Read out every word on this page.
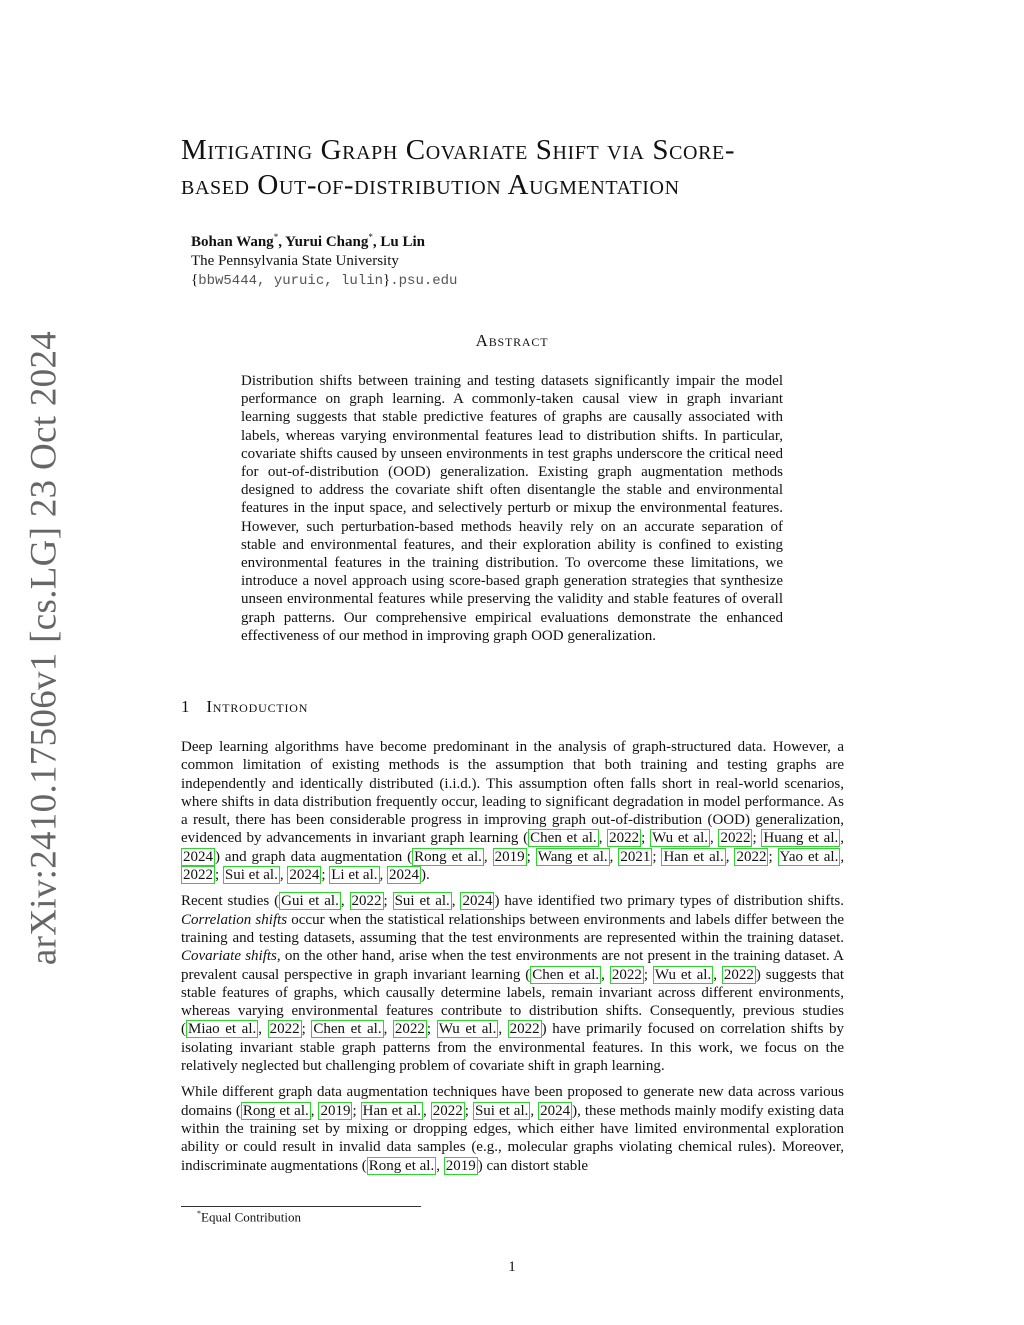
arXiv:2410.17506v1 [cs.LG] 23 Oct 2024
Mitigating Graph Covariate Shift via Score-
based Out-of-distribution Augmentation
Bohan Wang*, Yurui Chang*, Lu Lin
The Pennsylvania State University
{bbw5444, yuruic, lulin}.psu.edu
Abstract

Distribution shifts between training and testing datasets significantly impair the model performance on graph learning. A commonly-taken causal view in graph invariant learning suggests that stable predictive features of graphs are causally associated with labels, whereas varying environmental features lead to distribution shifts. In particular, covariate shifts caused by unseen environments in test graphs underscore the critical need for out-of-distribution (OOD) generalization. Existing graph augmentation methods designed to address the covariate shift often disentangle the stable and environmental features in the input space, and selectively perturb or mixup the environmental features. However, such perturbation-based methods heavily rely on an accurate separation of stable and environmental features, and their exploration ability is confined to existing environmental features in the training distribution. To overcome these limitations, we introduce a novel approach using score-based graph generation strategies that synthesize unseen environmental features while preserving the validity and stable features of overall graph patterns. Our comprehensive empirical evaluations demonstrate the enhanced effectiveness of our method in improving graph OOD generalization.

1 Introduction

Deep learning algorithms have become predominant in the analysis of graph-structured data. However, a common limitation of existing methods is the assumption that both training and testing graphs are independently and identically distributed (i.i.d.). This assumption often falls short in real-world scenarios, where shifts in data distribution frequently occur, leading to significant degradation in model performance. As a result, there has been considerable progress in improving graph out-of-distribution (OOD) generalization, evidenced by advancements in invariant graph learning ( Chen et al. , 2022 ; Wu et al. , 2022 ; Huang et al. , 2024 ) and graph data augmentation ( Rong et al. , 2019 ; Wang et al. , 2021 ; Han et al. , 2022 ; Yao et al. , 2022 ; Sui et al. , 2024 ; Li et al. , 2024 ).

Recent studies ( Gui et al. , 2022 ; Sui et al. , 2024 ) have identified two primary types of distribution shifts. Correlation shifts occur when the statistical relationships between environments and labels differ between the training and testing datasets, assuming that the test environments are represented within the training dataset. Covariate shifts, on the other hand, arise when the test environments are not present in the training dataset. A prevalent causal perspective in graph invariant learning ( Chen et al. , 2022 ; Wu et al. , 2022 ) suggests that stable features of graphs, which causally determine labels, remain invariant across different environments, whereas varying environmental features contribute to distribution shifts. Consequently, previous studies ( Miao et al. , 2022 ; Chen et al. , 2022 ; Wu et al. , 2022 ) have primarily focused on correlation shifts by isolating invariant stable graph patterns from the environmental features. In this work, we focus on the relatively neglected but challenging problem of covariate shift in graph learning.

While different graph data augmentation techniques have been proposed to generate new data across various domains ( Rong et al. , 2019 ; Han et al. , 2022 ; Sui et al. , 2024 ), these methods mainly modify existing data within the training set by mixing or dropping edges, which either have limited environmental exploration ability or could result in invalid data samples (e.g., molecular graphs violating chemical rules). Moreover, indiscriminate augmentations ( Rong et al. , 2019 ) can distort stable

*Equal Contribution
1
